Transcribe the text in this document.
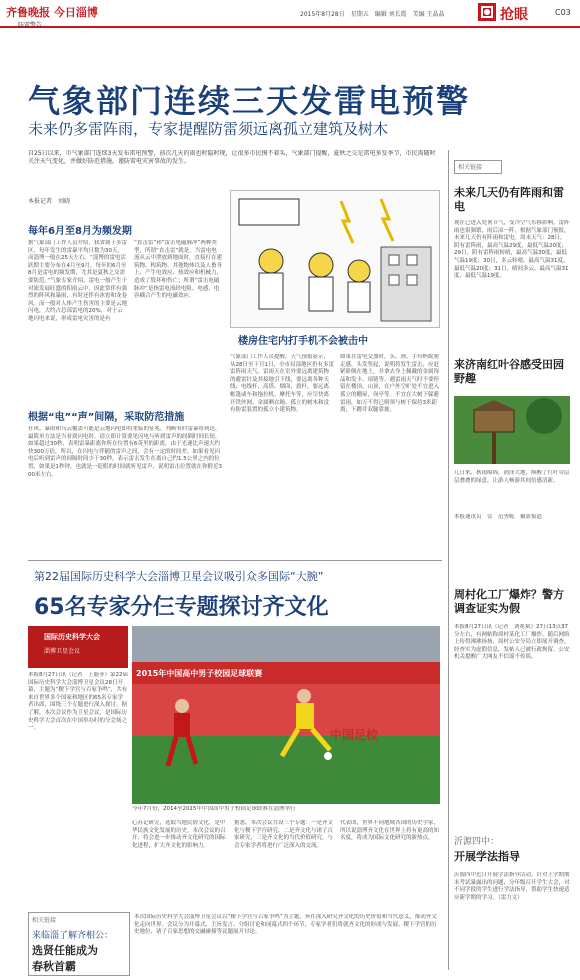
齐鲁晚报 今日淄博	2015年8月28日　星期五　编辑 刘长霞　美编 王晶晶	抢眼	C03
气象部门连续三天发雷电预警
未来仍多雷阵雨，专家提醒防雷须远离孤立建筑及树木
自25日以来，市气象部门连续3天发布雷电预警，前次几天的雨也时隐时现，让很多市民摸不着头，气象部门提醒，夏秋之交是雷电多发季节，市民需随时关注天气变化，并做好防范措施，谨防雷电灾害事故的发生。
本报记者　刘晓
每年6月至8月为频发期
据气象部门工作人员介绍，我省属于多雷区，每年发生的雷暴平均日数为30天，而淄博一般在25天左右。“淄博的雷电活跃期主要分布在4月至9月，每年的6月至8月是雷电的频发期，尤其是夏秋之交需要防范。”气象专家介绍，雷电一般产生于对流发展旺盛的积雨云中，因此常伴有强烈的阵风和暴雨，有时还伴有冰雹和龙卷风。而一般对人体产生伤害的主要是云地闪电，大约占总部雷电的20%，对于云地闪电来说，形成雷电灾害的是有
“直击雷”和“雷击电磁脉冲”两种类型，所谓“直击雷”就是，当雷电电流从云中泄放到地面时，直接打在建筑物、构筑物、其他物体以及人畜身上，产生电效应、热效应和机械力，造成了毁坏和伤亡；所谓“雷击电磁脉冲”是指雷电流经电阻、电感、电容耦合产生的电磁效应。
防雷警告
楼房住宅内打手机不会被击中
根据“电”“声”间隔，采取防范措施
狂风、暴雨和乌云覆盖可能是云地闪电即将来临的征兆，判断有时雷暴将到达，最简单方法是当看到闪电时，请立即计算要见闪电与听到雷声的间隔时间长短，如果超过30秒，表明雷暴距离你所在位置有6英里的距离。由于光速比声速大约快300万倍，所以，在闪电与伴随的雷声之间，会有一定的时间差。如果看见闪电后听到雷声的间隔时间少于30秒，表示雷击发生在离自己约1.5公里之内的位置，如果是1秒钟，也就是一眨眼的时间就听见雷声，说明雷击位置就在你附近300米左右。
气象部门工作人员提醒，天气预报显示，从28日至下月1日，全市局部地区仍有多雷雷阵雨天气。雷雨天在室外要远离建筑物的避雷针及其接地引下线，要远离各种天线、电线杆、高塔、烟囱、旗杆，要远离帐篷或车和拖拉机、摩托车等，应尽快离开铁丝网、金属晒衣绳、孤立的树木和没有防雷装置的孤立小建筑物。
如果在雷电交加时，头、颈、手有蚂蚁爬走感，头发竖起，说明将发生雷击，应赶紧卧倒在地上，并拿去身上佩戴的金属饰品和发卡、项链等。遇雷雨天气时不要停留在楼顶、山顶，在户外空旷处不宜进入孤立的棚屋，岗亭等。不宜在大树下躲避雷雨，如万不得已则须与树干保持3米距离，下蹲并双腿靠拢。
相关链接
未来几天仍有阵雨和雷电
现在已进入处暑节气，受冷空气东移影响，雷阵雨也很频繁，雨后凉一阵，根据气象部门预报，未来几天仍有阵雨和雷电。周末天气：28日，阴有雷阵雨，最高气温29度，最低气温20度；29日，阴有雷阵雨转晴，最高气温30度，最低气温19度；30日，多云转晴，最高气温31度，最低气温20度；31日，晴间多云，最高气温31度，最低气温19度。
来济南红叶谷感受田园野趣
几日来，秋雨绵绵，润泽大地，唤醒了红叶谷层层叠叠的绿意，让游人畅游其间倍感清新。
本报通讯员　萱　范秀妮　摄影报道
周村化工厂爆炸？警方调查证实为假
本报8月27日讯（记者　刘兆斌）27日13点37分左右，有网帖称周村某化工厂爆炸，随后网络上传得沸沸扬扬，周村公安分局立即展开调查，经查实为虚假信息，发帖人已被行政拘留。公安机关提醒广大网友不信谣不传谣。
沂源四中：
开展学法指导
沂源四中近日开展学法指导活动，针对上学期期末考试暴露出的问题，分年级召开学生大会，对不同学段的学生进行学法指导，帮助学生快速适应新学期的学习。（雷力文）
第22届国际历史科学大会淄博卫星会议吸引众多国际“大腕”
65名专家分仨专题探讨齐文化
国际历史科学大会
淄博卫星会议
本报8月27日讯（记者　王鹿菲）第22届国际历史科学大会淄博卫星会议28日开幕，主题为“稷下学宫与百家争鸣”，共有来自世界多个国家和地区的65名专家学者出席，围绕三个专题进行深入探讨。据了解，本次会议作为卫星会议，是国际历史科学大会首次在中国举办时的分会场之一。
2015年中国高中男子校园足球联赛
中国足校
今年7月份，2014至2015年中国高中男子校园足球联赛在淄博举行
心苏记研究，选取当地民俗文化，是中华民族文化发展的历史，本次会议的召开，将会进一步推动齐文化研究的国际化进程，扩大齐文化的影响力。
据悉，本次会议共设三个专题：一是齐文化与稷下学宫研究，二是齐文化与诸子百家研究，三是齐文化的当代价值研究。与会专家学者将进行广泛深入的交流。
代表团，世界不同地域各国的历史学家，所以说淄博齐文化在世界上将有更高的知名度，将成为国际文化研究的新热点。
相关链接
来临淄了解齐相公：
选贤任能成为
春秋首霸
本次国际历史科学大会淄博卫星会议以“稷下学宫与百家争鸣”为主题，旨在深入研究齐文化的历史价值和当代意义，推动齐文化走向世界。会议分为开幕式、主旨发言、分组讨论和闭幕式四个环节，专家学者们将就齐文化的形成与发展、稷下学宫的历史地位、诸子百家思想的交融碰撞等议题展开讨论。
